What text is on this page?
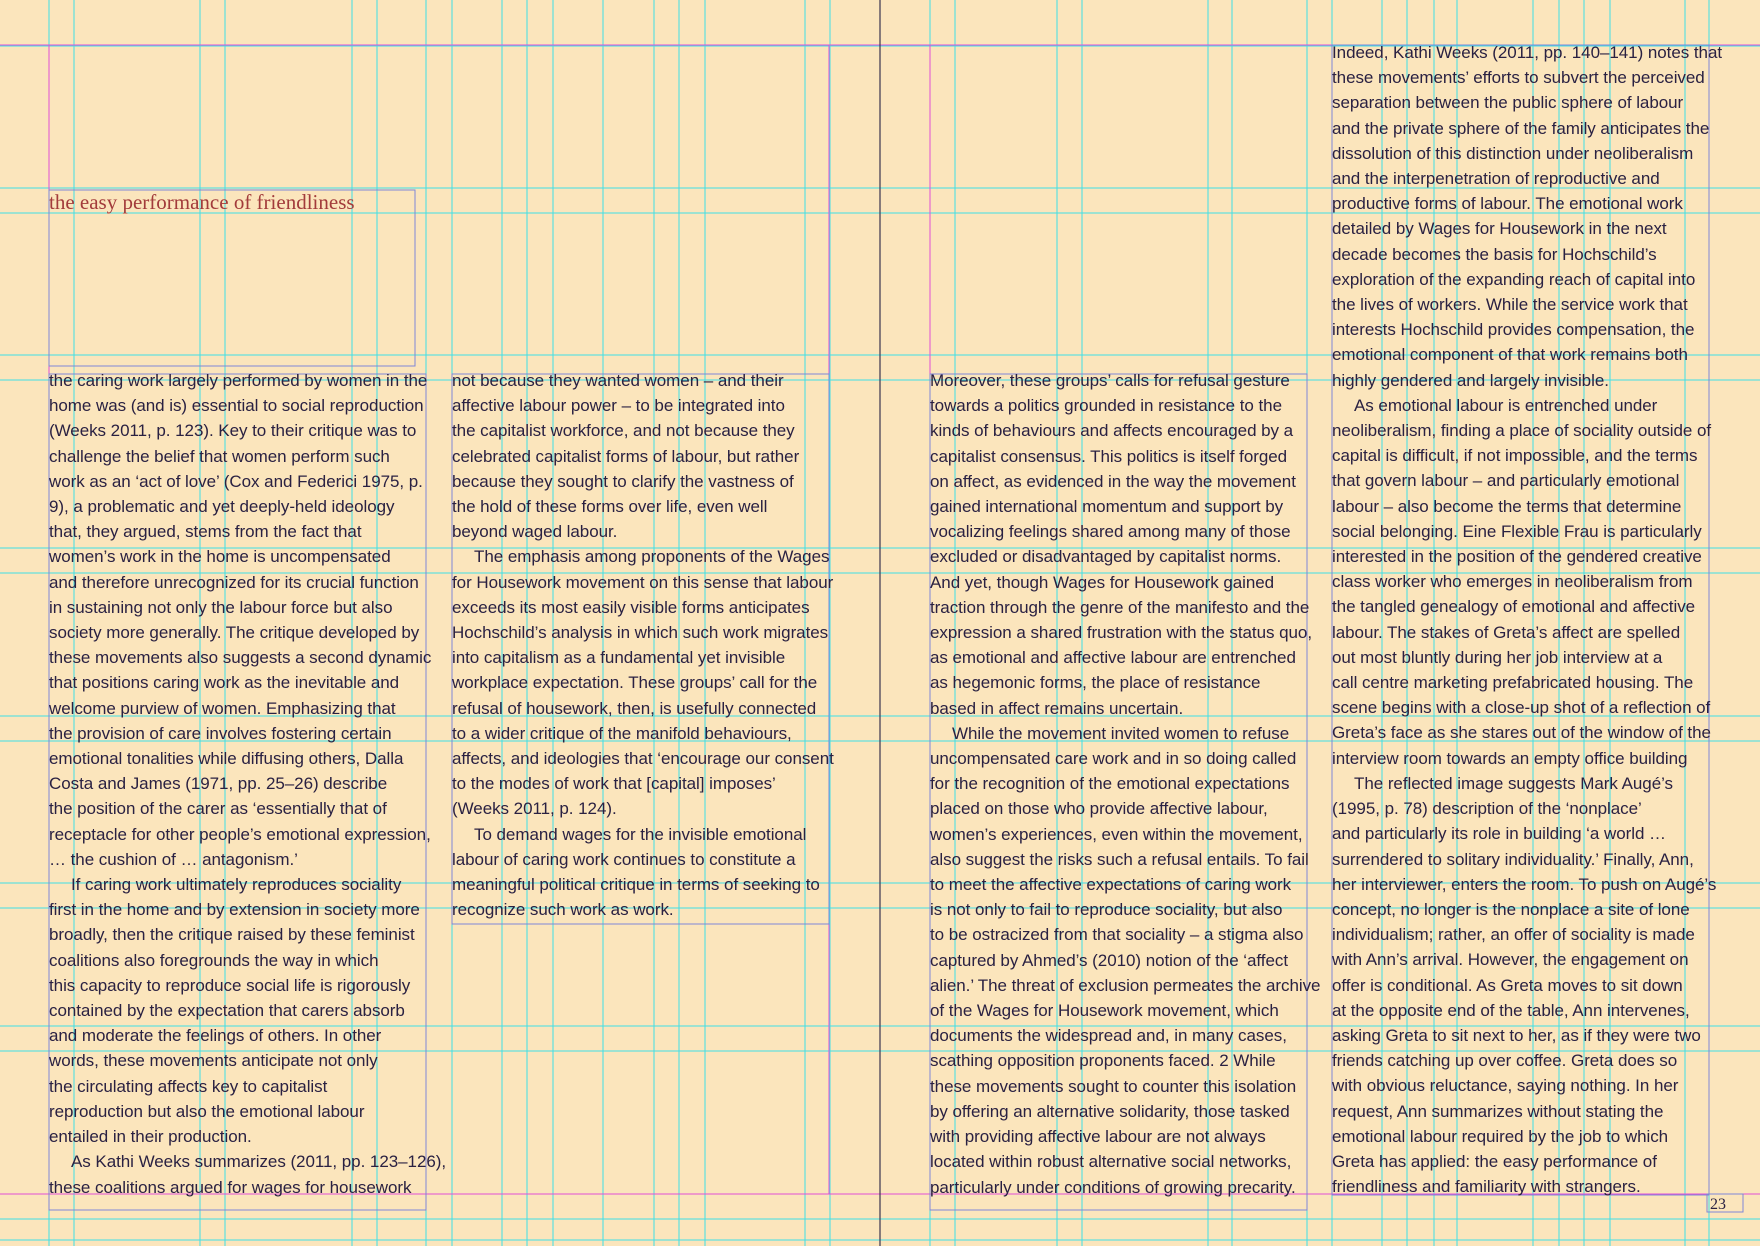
the easy performance of friendliness

the caring work largely performed by women in the
home was (and is) essential to social reproduction
(Weeks 2011, p. 123). Key to their critique was to
challenge the belief that women perform such
work as an ‘act of love’ (Cox and Federici 1975, p.
9), a problematic and yet deeply-held ideology
that, they argued, stems from the fact that
women’s work in the home is uncompensated
and therefore unrecognized for its crucial function
in sustaining not only the labour force but also
society more generally. The critique developed by
these movements also suggests a second dynamic
that positions caring work as the inevitable and
welcome purview of women. Emphasizing that
the provision of care involves fostering certain
emotional tonalities while diffusing others, Dalla
Costa and James (1971, pp. 25–26) describe
the position of the carer as ‘essentially that of
receptacle for other people’s emotional expression,
… the cushion of … antagonism.’

If caring work ultimately reproduces sociality
first in the home and by extension in society more
broadly, then the critique raised by these feminist
coalitions also foregrounds the way in which
this capacity to reproduce social life is rigorously
contained by the expectation that carers absorb
and moderate the feelings of others. In other
words, these movements anticipate not only
the circulating affects key to capitalist
reproduction but also the emotional labour
entailed in their production.

As Kathi Weeks summarizes (2011, pp. 123–126),
these coalitions argued for wages for housework

not because they wanted women – and their
affective labour power – to be integrated into
the capitalist workforce, and not because they
celebrated capitalist forms of labour, but rather
because they sought to clarify the vastness of
the hold of these forms over life, even well
beyond waged labour.

The emphasis among proponents of the Wages
for Housework movement on this sense that labour
exceeds its most easily visible forms anticipates
Hochschild’s analysis in which such work migrates
into capitalism as a fundamental yet invisible
workplace expectation. These groups’ call for the
refusal of housework, then, is usefully connected
to a wider critique of the manifold behaviours,
affects, and ideologies that ‘encourage our consent
to the modes of work that [capital] imposes’
(Weeks 2011, p. 124).

To demand wages for the invisible emotional
labour of caring work continues to constitute a
meaningful political critique in terms of seeking to
recognize such work as work.

Moreover, these groups’ calls for refusal gesture
towards a politics grounded in resistance to the
kinds of behaviours and affects encouraged by a
capitalist consensus. This politics is itself forged
on affect, as evidenced in the way the movement
gained international momentum and support by
vocalizing feelings shared among many of those
excluded or disadvantaged by capitalist norms.
And yet, though Wages for Housework gained
traction through the genre of the manifesto and the
expression a shared frustration with the status quo,
as emotional and affective labour are entrenched
as hegemonic forms, the place of resistance
based in affect remains uncertain.

While the movement invited women to refuse
uncompensated care work and in so doing called
for the recognition of the emotional expectations
placed on those who provide affective labour,
women’s experiences, even within the movement,
also suggest the risks such a refusal entails. To fail
to meet the affective expectations of caring work
is not only to fail to reproduce sociality, but also
to be ostracized from that sociality – a stigma also
captured by Ahmed’s (2010) notion of the ‘affect
alien.’ The threat of exclusion permeates the archive
of the Wages for Housework movement, which
documents the widespread and, in many cases,
scathing opposition proponents faced. 2 While
these movements sought to counter this isolation
by offering an alternative solidarity, those tasked
with providing affective labour are not always
located within robust alternative social networks,
particularly under conditions of growing precarity.

Indeed, Kathi Weeks (2011, pp. 140–141) notes that
these movements’ efforts to subvert the perceived
separation between the public sphere of labour
and the private sphere of the family anticipates the
dissolution of this distinction under neoliberalism
and the interpenetration of reproductive and
productive forms of labour. The emotional work
detailed by Wages for Housework in the next
decade becomes the basis for Hochschild’s
exploration of the expanding reach of capital into
the lives of workers. While the service work that
interests Hochschild provides compensation, the
emotional component of that work remains both
highly gendered and largely invisible.

As emotional labour is entrenched under
neoliberalism, finding a place of sociality outside of
capital is difficult, if not impossible, and the terms
that govern labour – and particularly emotional
labour – also become the terms that determine
social belonging. Eine Flexible Frau is particularly
interested in the position of the gendered creative
class worker who emerges in neoliberalism from
the tangled genealogy of emotional and affective
labour. The stakes of Greta’s affect are spelled
out most bluntly during her job interview at a
call centre marketing prefabricated housing. The
scene begins with a close-up shot of a reflection of
Greta’s face as she stares out of the window of the
interview room towards an empty office building

The reflected image suggests Mark Augé’s
(1995, p. 78) description of the ‘nonplace’
and particularly its role in building ‘a world …
surrendered to solitary individuality.’ Finally, Ann,
her interviewer, enters the room. To push on Augé’s
concept, no longer is the nonplace a site of lone
individualism; rather, an offer of sociality is made
with Ann’s arrival. However, the engagement on
offer is conditional. As Greta moves to sit down
at the opposite end of the table, Ann intervenes,
asking Greta to sit next to her, as if they were two
friends catching up over coffee. Greta does so
with obvious reluctance, saying nothing. In her
request, Ann summarizes without stating the
emotional labour required by the job to which
Greta has applied: the easy performance of
friendliness and familiarity with strangers.

23
